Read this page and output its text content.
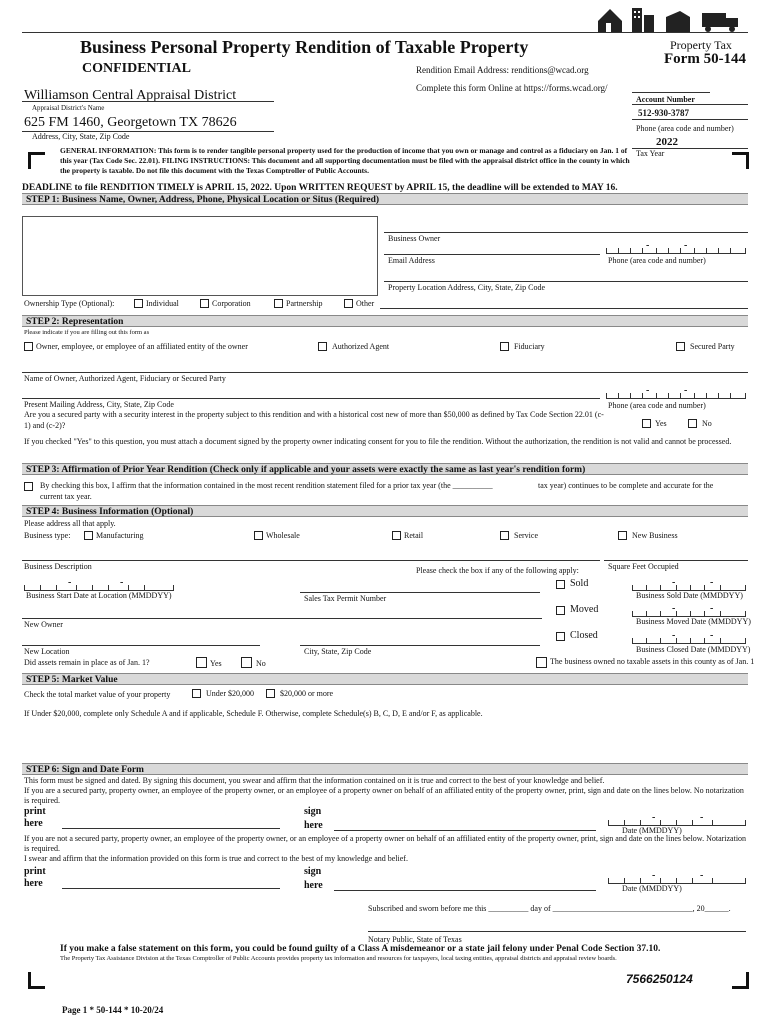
Business Personal Property Rendition of Taxable Property
CONFIDENTIAL
Property Tax
Form 50-144
Rendition Email Address: renditions@wcad.org
Complete this form Online at https://forms.wcad.org/
Williamson Central Appraisal District
Appraisal District's Name
625 FM 1460, Georgetown TX 78626
Address, City, State, Zip Code
Account Number
512-930-3787
Phone (area code and number)
2022
Tax Year
GENERAL INFORMATION: This form is to render tangible personal property used for the production of income that you own or manage and control as a fiduciary on Jan. 1 of this year (Tax Code Sec. 22.01). FILING INSTRUCTIONS: This document and all supporting documentation must be filed with the appraisal district office in the county in which the property is taxable. Do not file this document with the Texas Comptroller of Public Accounts.
DEADLINE to file RENDITION TIMELY is APRIL 15, 2022. Upon WRITTEN REQUEST by APRIL 15, the deadline will be extended to MAY 16.
STEP 1: Business Name, Owner, Address, Phone, Physical Location or Situs (Required)
Business Owner
Email Address
-	-
Phone (area code and number)
Property Location Address, City, State, Zip Code
Ownership Type (Optional):	Individual	Corporation	Partnership	Other
STEP 2: Representation
Please indicate if you are filling out this form as
Owner, employee, or employee of an affiliated entity of the owner	Authorized Agent	Fiduciary	Secured Party
Name of Owner, Authorized Agent, Fiduciary or Secured Party
Present Mailing Address, City, State, Zip Code
-	-
Phone (area code and number)
Are you a secured party with a security interest in the property subject to this rendition and with a historical cost new of more than $50,000 as defined by Tax Code Section 22.01 (c-1) and (c-2)?	Yes	No
If you checked "Yes" to this question, you must attach a document signed by the property owner indicating consent for you to file the rendition. Without the authorization, the rendition is not valid and cannot be processed.
STEP 3: Affirmation of Prior Year Rendition (Check only if applicable and your assets were exactly the same as last year's rendition form)
By checking this box, I affirm that the information contained in the most recent rendition statement filed for a prior tax year (the __________	tax year) continues to be complete and accurate for the
current tax year.
STEP 4: Business Information (Optional)
Please address all that apply.
Business type:	Manufacturing	Wholesale	Retail	Service	New Business
Business Description	Square Feet Occupied
Please check the box if any of the following apply:
-	-
Business Start Date at Location (MMDDYY)	Sales Tax Permit Number
Sold	-	-
Business Sold Date (MMDDYY)
Moved	-	-
Business Moved Date (MMDDYY)
New Owner
Closed	-	-
Business Closed Date (MMDDYY)
New Location	City, State, Zip Code
Did assets remain in place as of Jan. 1?	Yes	No	The business owned no taxable assets in this county as of Jan. 1
STEP 5: Market Value
Check the total market value of your property	Under $20,000	$20,000 or more
If Under $20,000, complete only Schedule A and if applicable, Schedule F. Otherwise, complete Schedule(s) B, C, D, E and/or F, as applicable.
STEP 6: Sign and Date Form
This form must be signed and dated. By signing this document, you swear and affirm that the information contained on it is true and correct to the best of your knowledge and belief.
If you are a secured party, property owner, an employee of the property owner, or an employee of a property owner on behalf of an affiliated entity of the property owner, print, sign and date on the lines below. No notarization is required.
print
here
sign
here
-	-
Date (MMDDYY)
If you are not a secured party, property owner, an employee of the property owner, or an employee of a property owner on behalf of an affiliated entity of the property owner, print, sign and date on the lines below. Notarization is required.
I swear and affirm that the information provided on this form is true and correct to the best of my knowledge and belief.
print
here
sign
here
-	-
Date (MMDDYY)
Subscribed and sworn before me this __________ day of ___________________________________, 20______.
Notary Public, State of Texas
If you make a false statement on this form, you could be found guilty of a Class A misdemeanor or a state jail felony under Penal Code Section 37.10.
The Property Tax Assistance Division at the Texas Comptroller of Public Accounts provides property tax information and resources for taxpayers, local taxing entities, appraisal districts and appraisal review boards.
7566250124
Page 1 * 50-144 * 10-20/24
